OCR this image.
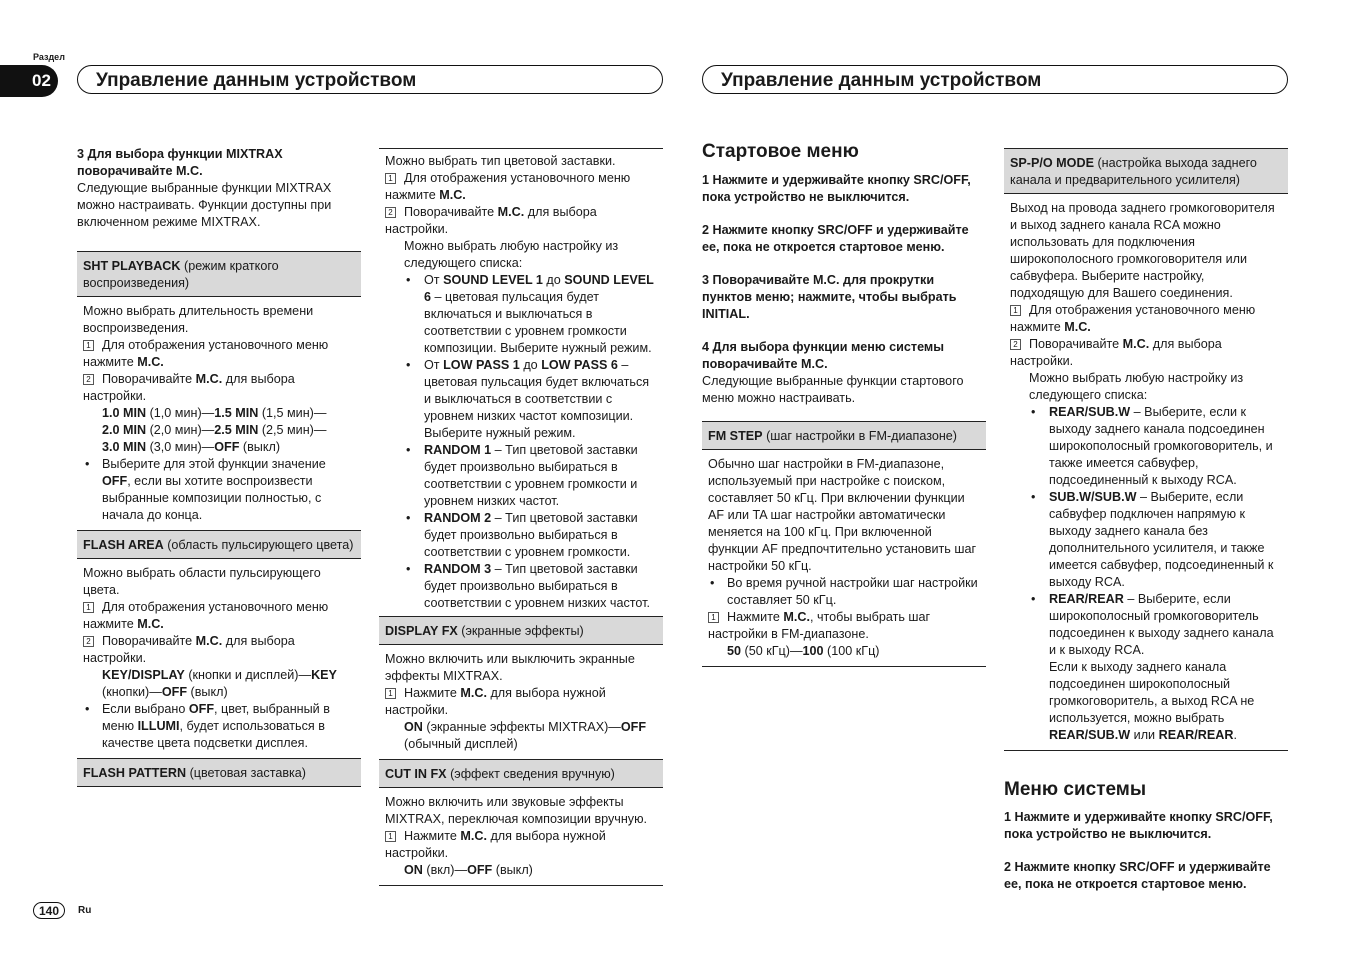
Раздел
02	Управление данным устройством	Управление данным устройством

3 Для выбора функции MIXTRAX поворачивайте M.C.

Следующие выбранные функции MIXTRAX можно настраивать. Функции доступны при включенном режиме MIXTRAX.

SHT PLAYBACK (режим краткого воспроизведения)

Можно выбрать длительность времени воспроизведения.

1 Для отображения установочного меню нажмите M.C.

2 Поворачивайте M.C. для выбора настройки.

1.0 MIN (1,0 мин)—1.5 MIN (1,5 мин)—
2.0 MIN (2,0 мин)—2.5 MIN (2,5 мин)—
3.0 MIN (3,0 мин)—OFF (выкл)

• Выберите для этой функции значение OFF, если вы хотите воспроизвести выбранные композиции полностью, с начала до конца.

FLASH AREA (область пульсирующего цвета)

Можно выбрать области пульсирующего цвета.

1 Для отображения установочного меню нажмите M.C.

2 Поворачивайте M.C. для выбора настройки.

KEY/DISPLAY (кнопки и дисплей)—KEY (кнопки)—OFF (выкл)

• Если выбрано OFF, цвет, выбранный в меню ILLUMI, будет использоваться в качестве цвета подсветки дисплея.

FLASH PATTERN (цветовая заставка)

Можно выбрать тип цветовой заставки.

1 Для отображения установочного меню нажмите M.C.

2 Поворачивайте M.C. для выбора настройки.

Можно выбрать любую настройку из следующего списка:

• От SOUND LEVEL 1 до SOUND LEVEL 6 – цветовая пульсация будет включаться и выключаться в соответствии с уровнем громкости композиции. Выберите нужный режим.

• От LOW PASS 1 до LOW PASS 6 – цветовая пульсация будет включаться и выключаться в соответствии с уровнем низких частот композиции. Выберите нужный режим.

• RANDOM 1 – Тип цветовой заставки будет произвольно выбираться в соответствии с уровнем громкости и уровнем низких частот.

• RANDOM 2 – Тип цветовой заставки будет произвольно выбираться в соответствии с уровнем громкости.

• RANDOM 3 – Тип цветовой заставки будет произвольно выбираться в соответствии с уровнем низких частот.

DISPLAY FX (экранные эффекты)

Можно включить или выключить экранные эффекты MIXTRAX.

1 Нажмите M.C. для выбора нужной настройки.

ON (экранные эффекты MIXTRAX)—OFF (обычный дисплей)

CUT IN FX (эффект сведения вручную)

Можно включить или звуковые эффекты MIXTRAX, переключая композиции вручную.

1 Нажмите M.C. для выбора нужной настройки.

ON (вкл)—OFF (выкл)

Стартовое меню

1 Нажмите и удерживайте кнопку SRC/OFF, пока устройство не выключится.

2 Нажмите кнопку SRC/OFF и удерживайте ее, пока не откроется стартовое меню.

3 Поворачивайте M.C. для прокрутки пунктов меню; нажмите, чтобы выбрать INITIAL.

4 Для выбора функции меню системы поворачивайте M.C.

Следующие выбранные функции стартового меню можно настраивать.

FM STEP (шаг настройки в FM-диапазоне)

Обычно шаг настройки в FM-диапазоне, используемый при настройке с поиском, составляет 50 кГц. При включении функции AF или TA шаг настройки автоматически меняется на 100 кГц. При включенной функции AF предпочтительно установить шаг настройки 50 кГц.

• Во время ручной настройки шаг настройки составляет 50 кГц.

1 Нажмите M.C., чтобы выбрать шаг настройки в FM-диапазоне.

50 (50 кГц)—100 (100 кГц)

SP-P/O MODE (настройка выхода заднего канала и предварительного усилителя)

Выход на провода заднего громкоговорителя и выход заднего канала RCA можно использовать для подключения широкополосного громкоговорителя или сабвуфера. Выберите настройку, подходящую для Вашего соединения.

1 Для отображения установочного меню нажмите M.C.

2 Поворачивайте M.C. для выбора настройки.

Можно выбрать любую настройку из следующего списка:

• REAR/SUB.W – Выберите, если к выходу заднего канала подсоединен широкополосный громкоговоритель, и также имеется сабвуфер, подсоединенный к выходу RCA.

• SUB.W/SUB.W – Выберите, если сабвуфер подключен напрямую к выходу заднего канала без дополнительного усилителя, и также имеется сабвуфер, подсоединенный к выходу RCA.

• REAR/REAR – Выберите, если широкополосный громкоговоритель подсоединен к выходу заднего канала и к выходу RCA.

Если к выходу заднего канала подсоединен широкополосный громкоговоритель, а выход RCA не используется, можно выбрать REAR/SUB.W или REAR/REAR.

Меню системы

1 Нажмите и удерживайте кнопку SRC/OFF, пока устройство не выключится.

2 Нажмите кнопку SRC/OFF и удерживайте ее, пока не откроется стартовое меню.

140	Ru
